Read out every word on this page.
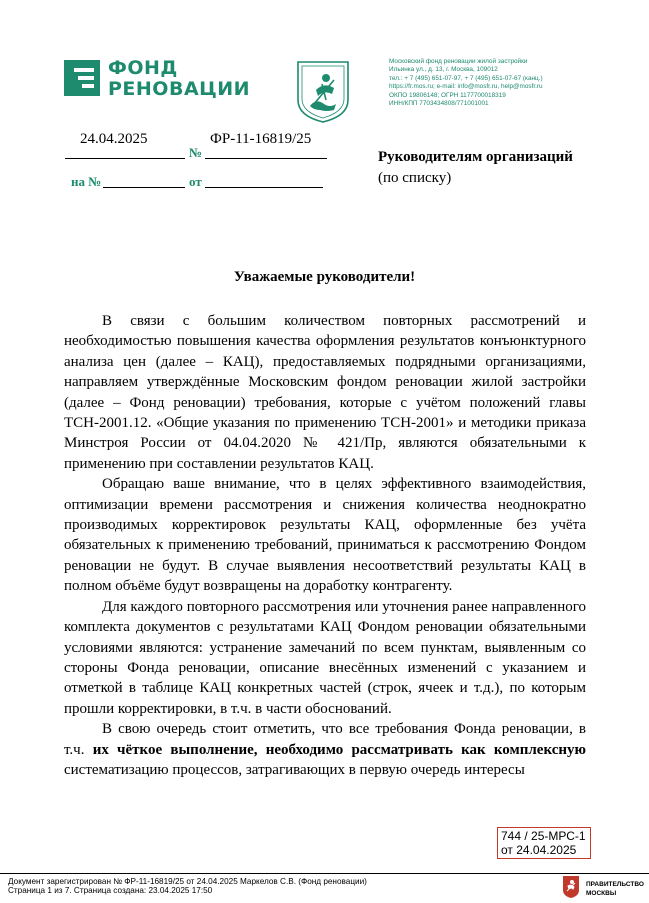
ФОНД
РЕНОВАЦИИ
Московский фонд реновации жилой застройки
Ильинка ул., д. 13, г. Москва, 109012
тел.: + 7 (495) 651-07-97, + 7 (495) 651-07-67 (канц.)
https://fr.mos.ru; e-mail: info@mosfr.ru, help@mosfr.ru
ОКПО 19806148; ОГРН 1177700018319
ИНН/КПП 7703434808/771001001
24.04.2025
№
ФР-11-16819/25
на №	от
Руководителям организаций
(по списку)
Уважаемые руководители!

В связи с большим количеством повторных рассмотрений и необходимостью повышения качества оформления результатов конъюнктурного анализа цен (далее – КАЦ), предоставляемых подрядными организациями, направляем утверждённые Московским фондом реновации жилой застройки (далее – Фонд реновации) требования, которые с учётом положений главы ТСН-2001.12. «Общие указания по применению ТСН-2001» и методики приказа Минстроя России от 04.04.2020 № 421/Пр, являются обязательными к применению при составлении результатов КАЦ.

Обращаю ваше внимание, что в целях эффективного взаимодействия, оптимизации времени рассмотрения и снижения количества неоднократно производимых корректировок результаты КАЦ, оформленные без учёта обязательных к применению требований, приниматься к рассмотрению Фондом реновации не будут. В случае выявления несоответствий результаты КАЦ в полном объёме будут возвращены на доработку контрагенту.

Для каждого повторного рассмотрения или уточнения ранее направленного комплекта документов с результатами КАЦ Фондом реновации обязательными условиями являются: устранение замечаний по всем пунктам, выявленным со стороны Фонда реновации, описание внесённых изменений с указанием и отметкой в таблице КАЦ конкретных частей (строк, ячеек и т.д.), по которым прошли корректировки, в т.ч. в части обоснований.

В свою очередь стоит отметить, что все требования Фонда реновации, в т.ч. их чёткое выполнение, необходимо рассматривать как комплексную систематизацию процессов, затрагивающих в первую очередь интересы

744 / 25-МРС-1
от 24.04.2025
Документ зарегистрирован № ФР-11-16819/25 от 24.04.2025 Маркелов С.В. (Фонд реновации)
Страница 1 из 7. Страница создана: 23.04.2025 17:50
ПРАВИТЕЛЬСТВО
МОСКВЫ
